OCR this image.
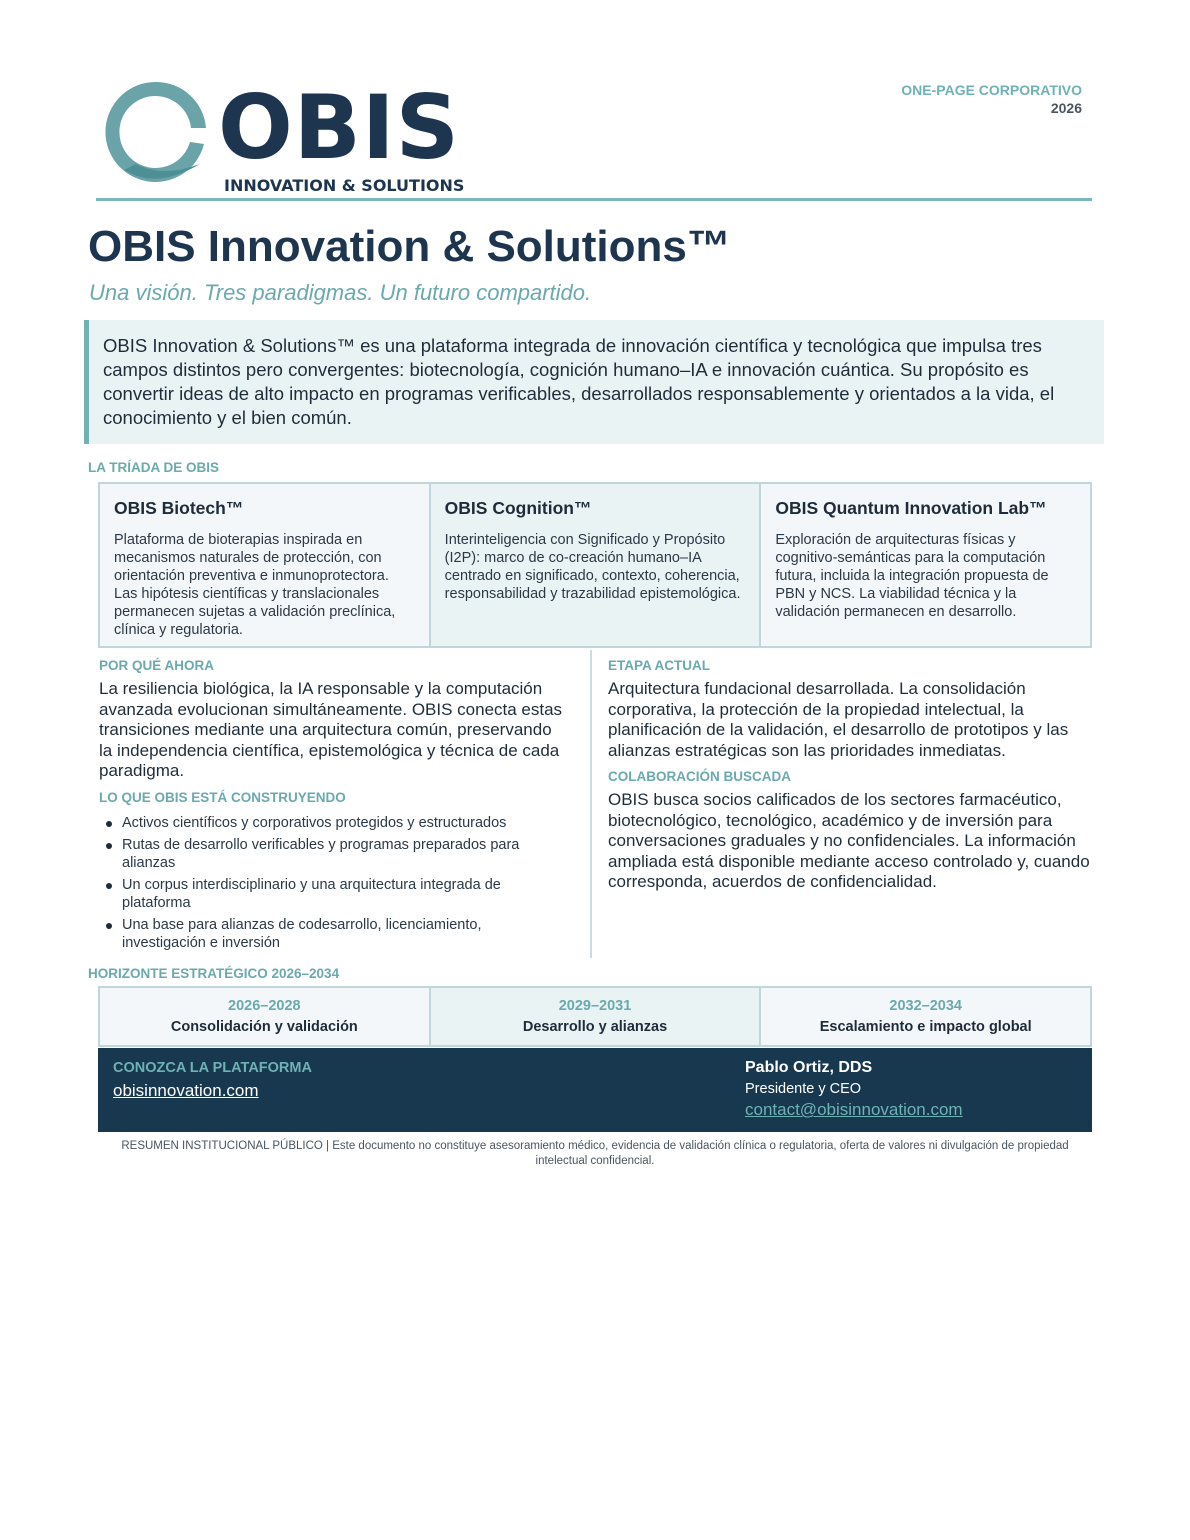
OBIS
INNOVATION & SOLUTIONS
ONE-PAGE CORPORATIVO
2026
OBIS Innovation & Solutions™
Una visión. Tres paradigmas. Un futuro compartido.
OBIS Innovation & Solutions™ es una plataforma integrada de innovación científica y tecnológica que impulsa tres campos distintos pero convergentes: biotecnología, cognición humano–IA e innovación cuántica. Su propósito es convertir ideas de alto impacto en programas verificables, desarrollados responsablemente y orientados a la vida, el conocimiento y el bien común.
LA TRÍADA DE OBIS
OBIS Biotech™

Plataforma de bioterapias inspirada en mecanismos naturales de protección, con orientación preventiva e inmunoprotectora. Las hipótesis científicas y translacionales permanecen sujetas a validación preclínica, clínica y regulatoria.

OBIS Cognition™

Interinteligencia con Significado y Propósito (I2P): marco de co-creación humano–IA centrado en significado, contexto, coherencia, responsabilidad y trazabilidad epistemológica.

OBIS Quantum Innovation Lab™

Exploración de arquitecturas físicas y cognitivo-semánticas para la computación futura, incluida la integración propuesta de PBN y NCS. La viabilidad técnica y la validación permanecen en desarrollo.

POR QUÉ AHORA
La resiliencia biológica, la IA responsable y la computación avanzada evolucionan simultáneamente. OBIS conecta estas transiciones mediante una arquitectura común, preservando la independencia científica, epistemológica y técnica de cada paradigma.
LO QUE OBIS ESTÁ CONSTRUYENDO
Activos científicos y corporativos protegidos y estructurados
Rutas de desarrollo verificables y programas preparados para alianzas
Un corpus interdisciplinario y una arquitectura integrada de plataforma
Una base para alianzas de codesarrollo, licenciamiento, investigación e inversión
ETAPA ACTUAL
Arquitectura fundacional desarrollada. La consolidación corporativa, la protección de la propiedad intelectual, la planificación de la validación, el desarrollo de prototipos y las alianzas estratégicas son las prioridades inmediatas.
COLABORACIÓN BUSCADA
OBIS busca socios calificados de los sectores farmacéutico, biotecnológico, tecnológico, académico y de inversión para conversaciones graduales y no confidenciales. La información ampliada está disponible mediante acceso controlado y, cuando corresponda, acuerdos de confidencialidad.
HORIZONTE ESTRATÉGICO 2026–2034
2026–2028
Consolidación y validación
2029–2031
Desarrollo y alianzas
2032–2034
Escalamiento e impacto global
CONOZCA LA PLATAFORMA
obisinnovation.com
Pablo Ortiz, DDS
Presidente y CEO
contact@obisinnovation.com
RESUMEN INSTITUCIONAL PÚBLICO | Este documento no constituye asesoramiento médico, evidencia de validación clínica o regulatoria, oferta de valores ni divulgación de propiedad intelectual confidencial.
